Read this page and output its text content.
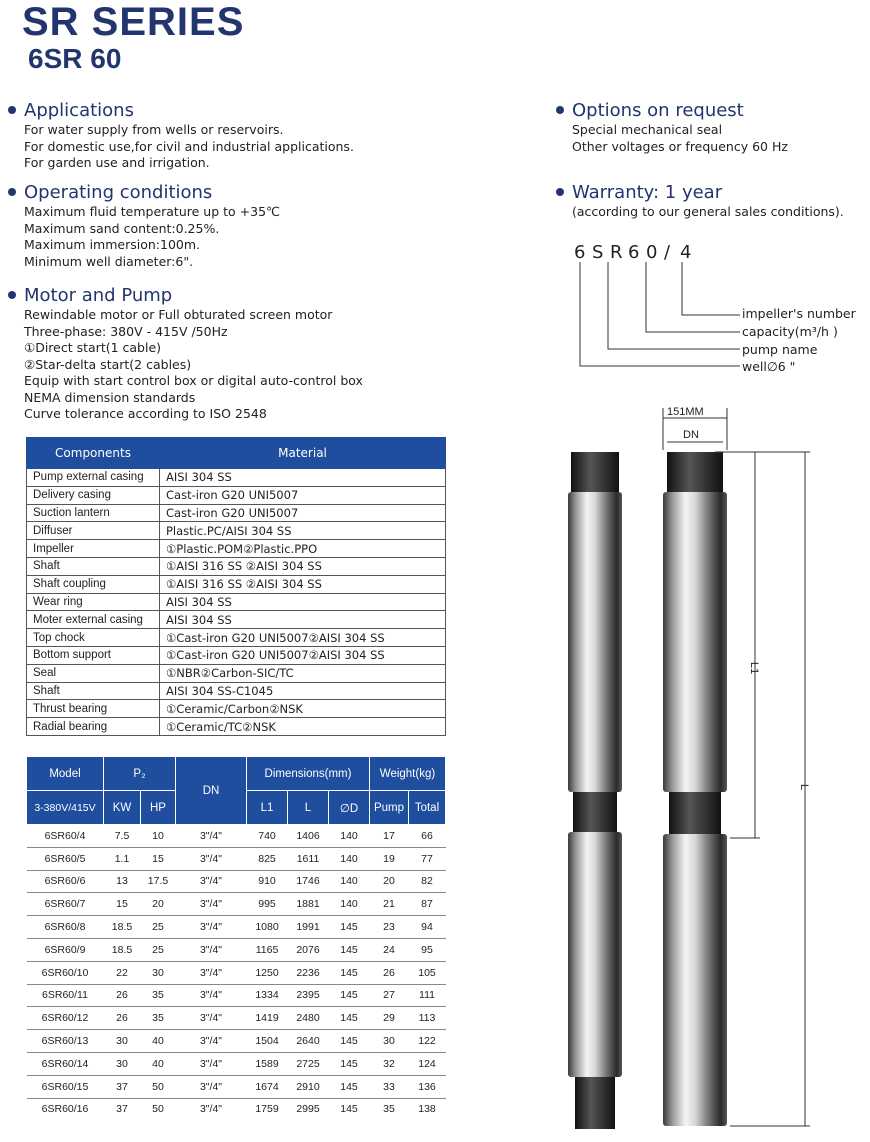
SR SERIES
6SR 60
Applications
For water supply from wells or reservoirs.
For domestic use,for civil and industrial applications.
For garden use and irrigation.
Operating conditions
Maximum fluid temperature up to +35℃
Maximum sand content:0.25%.
Maximum immersion:100m.
Minimum well diameter:6".
Motor and Pump
Rewindable motor or Full obturated screen motor
Three-phase: 380V - 415V /50Hz
①Direct start(1 cable)
②Star-delta start(2 cables)
Equip with start control box or digital auto-control box
NEMA dimension standards
Curve tolerance according to ISO 2548
Options on request
Special mechanical seal
Other voltages or frequency 60 Hz
Warranty: 1 year
(according to our general sales conditions).
6 S R 6 0 / 4
impeller's number
capacity(m³/h )
pump name
well∅6 "
Components	Material
Pump external casing	AISI 304 SS
Delivery casing	Cast-iron G20 UNI5007
Suction lantern	Cast-iron G20 UNI5007
Diffuser	Plastic.PC/AISI 304 SS
Impeller	①Plastic.POM②Plastic.PPO
Shaft	①AISI 316 SS ②AISI 304 SS
Shaft coupling	①AISI 316 SS ②AISI 304 SS
Wear ring	AISI 304 SS
Moter external casing	AISI 304 SS
Top chock	①Cast-iron G20 UNI5007②AISI 304 SS
Bottom support	①Cast-iron G20 UNI5007②AISI 304 SS
Seal	①NBR②Carbon-SIC/TC
Shaft	AISI 304 SS-C1045
Thrust bearing	①Ceramic/Carbon②NSK
Radial bearing	①Ceramic/TC②NSK
Model	P₂		DN	Dimensions(mm)			Weight(kg)	
3-380V/415V	KW	HP		L1	L	∅D	Pump	Total
6SR60/4	7.5	10	3"/4"	740	1406	140	17	66
6SR60/5	1.1	15	3"/4"	825	1611	140	19	77
6SR60/6	13	17.5	3"/4"	910	1746	140	20	82
6SR60/7	15	20	3"/4"	995	1881	140	21	87
6SR60/8	18.5	25	3"/4"	1080	1991	145	23	94
6SR60/9	18.5	25	3"/4"	1165	2076	145	24	95
6SR60/10	22	30	3"/4"	1250	2236	145	26	105
6SR60/11	26	35	3"/4"	1334	2395	145	27	111
6SR60/12	26	35	3"/4"	1419	2480	145	29	113
6SR60/13	30	40	3"/4"	1504	2640	145	30	122
6SR60/14	30	40	3"/4"	1589	2725	145	32	124
6SR60/15	37	50	3"/4"	1674	2910	145	33	136
6SR60/16	37	50	3"/4"	1759	2995	145	35	138
151MM
DN
L1
L
